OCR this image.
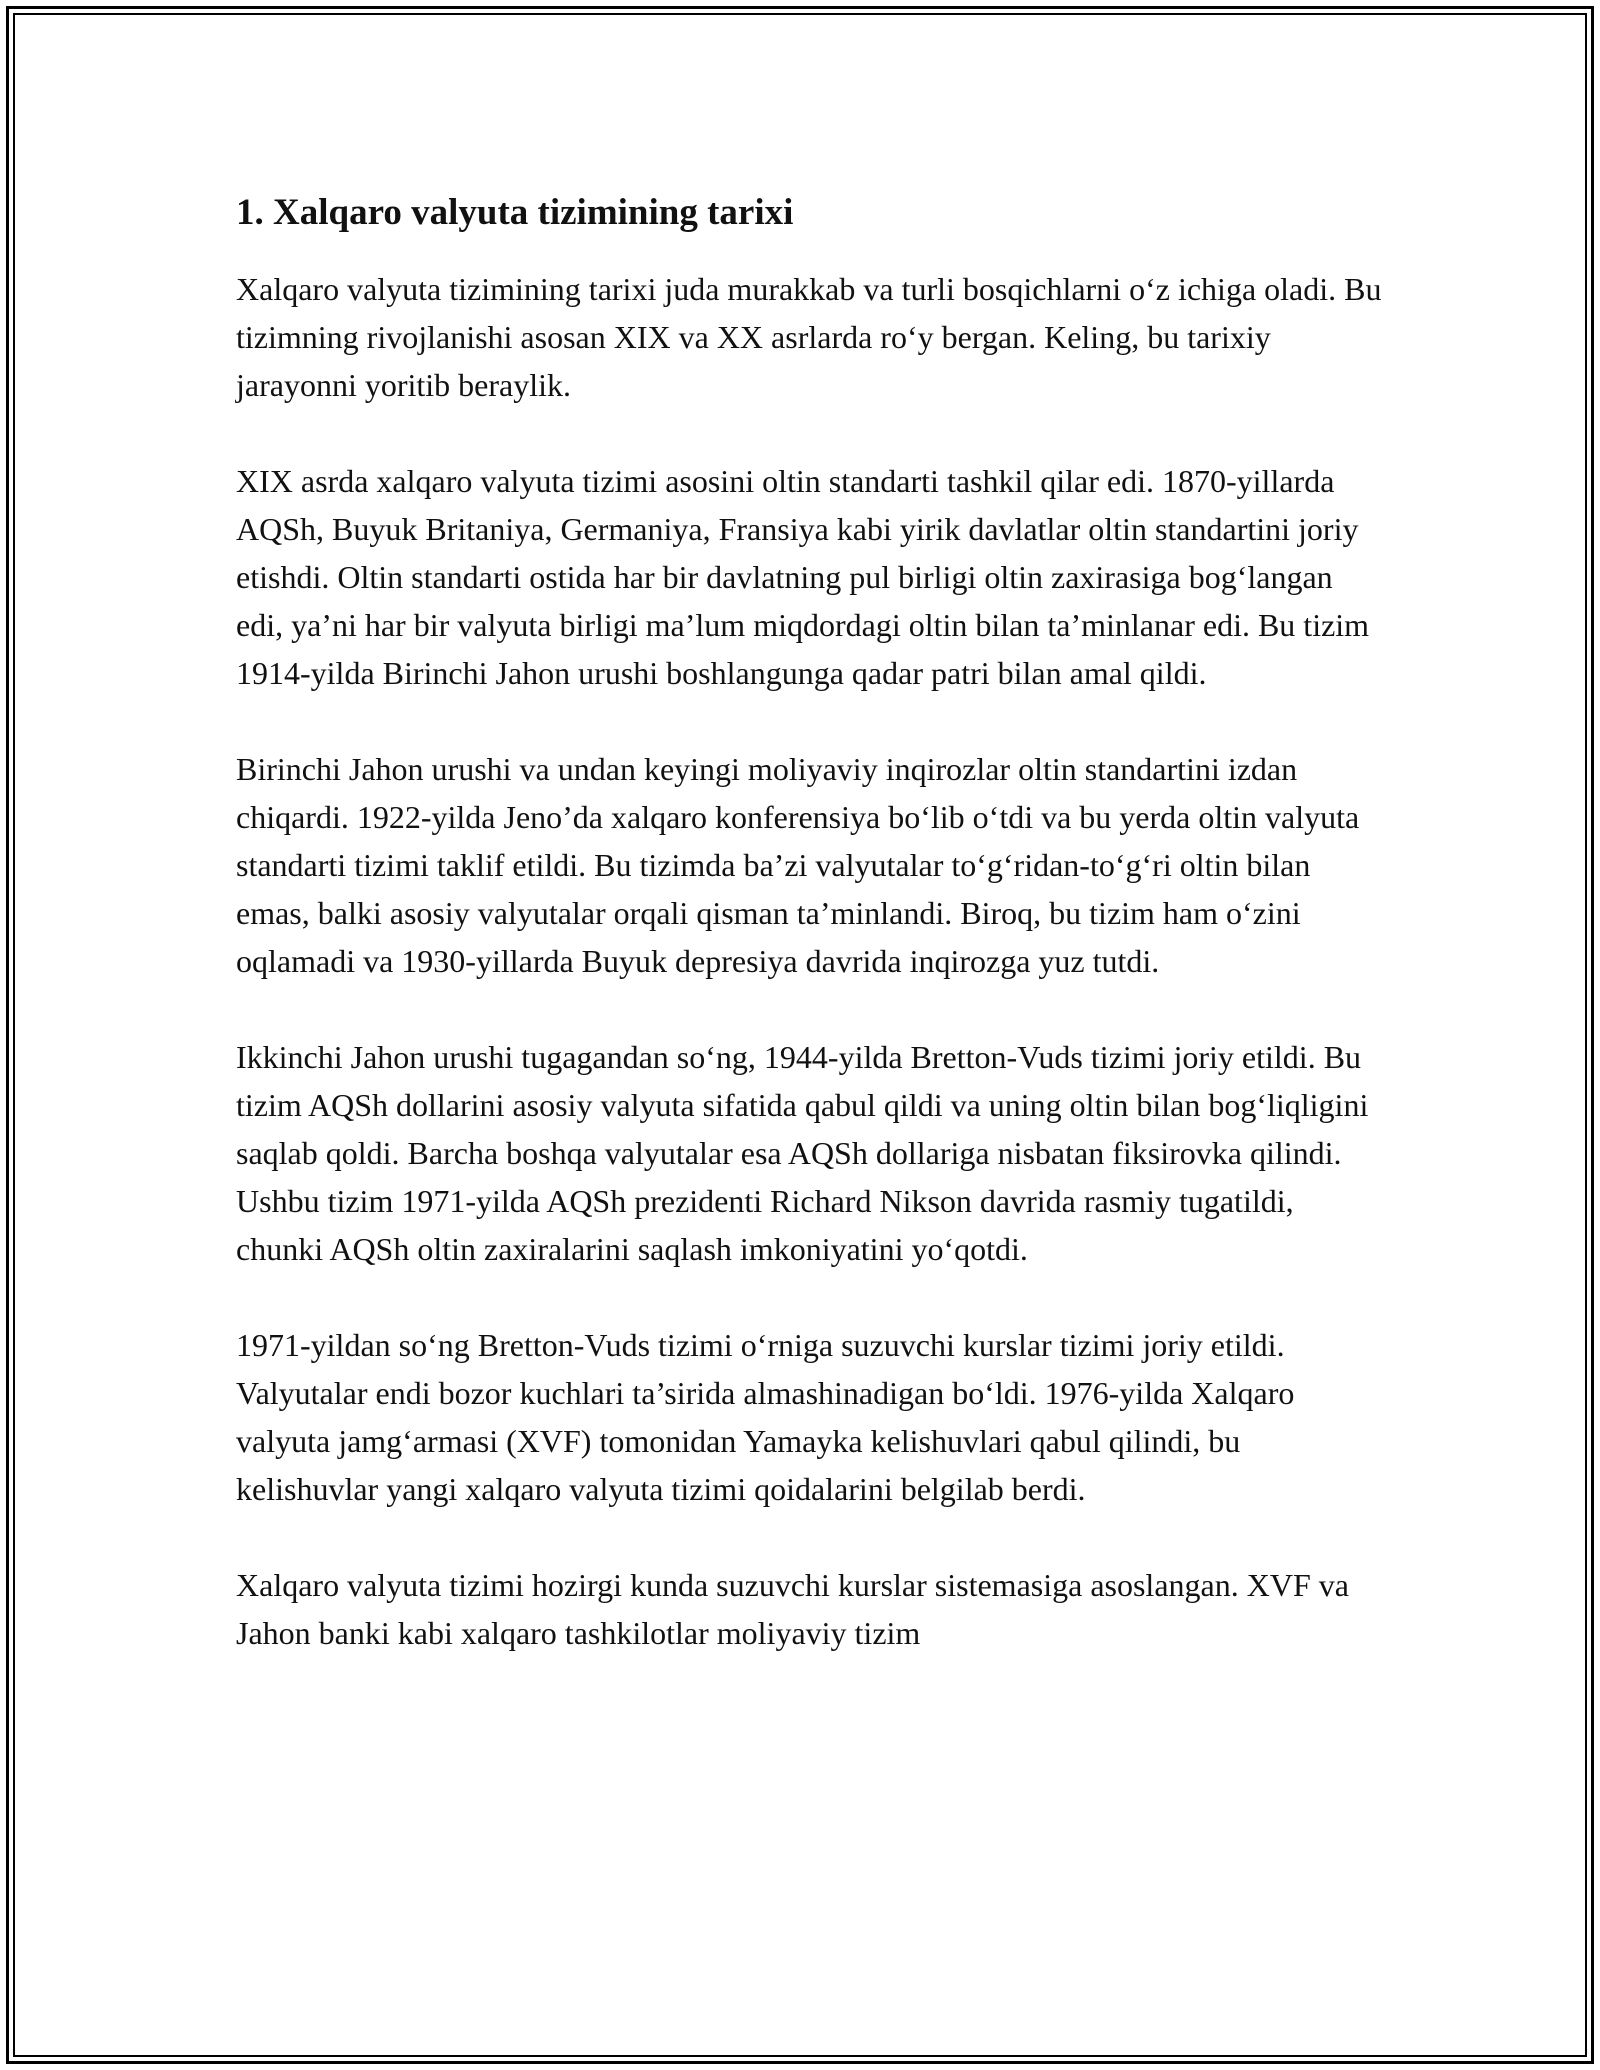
1. Xalqaro valyuta tizimining tarixi

Xalqaro valyuta tizimining tarixi juda murakkab va turli bosqichlarni o‘z ichiga oladi. Bu tizimning rivojlanishi asosan XIX va XX asrlarda ro‘y bergan. Keling, bu tarixiy jarayonni yoritib beraylik.

XIX asrda xalqaro valyuta tizimi asosini oltin standarti tashkil qilar edi. 1870-yillarda AQSh, Buyuk Britaniya, Germaniya, Fransiya kabi yirik davlatlar oltin standartini joriy etishdi. Oltin standarti ostida har bir davlatning pul birligi oltin zaxirasiga bog‘langan edi, ya’ni har bir valyuta birligi ma’lum miqdordagi oltin bilan ta’minlanar edi. Bu tizim 1914-yilda Birinchi Jahon urushi boshlangunga qadar patri bilan amal qildi.

Birinchi Jahon urushi va undan keyingi moliyaviy inqirozlar oltin standartini izdan chiqardi. 1922-yilda Jeno’da xalqaro konferensiya bo‘lib o‘tdi va bu yerda oltin valyuta standarti tizimi taklif etildi. Bu tizimda ba’zi valyutalar to‘g‘ridan-to‘g‘ri oltin bilan emas, balki asosiy valyutalar orqali qisman ta’minlandi. Biroq, bu tizim ham o‘zini oqlamadi va 1930-yillarda Buyuk depresiya davrida inqirozga yuz tutdi.

Ikkinchi Jahon urushi tugagandan so‘ng, 1944-yilda Bretton-Vuds tizimi joriy etildi. Bu tizim AQSh dollarini asosiy valyuta sifatida qabul qildi va uning oltin bilan bog‘liqligini saqlab qoldi. Barcha boshqa valyutalar esa AQSh dollariga nisbatan fiksirovka qilindi. Ushbu tizim 1971-yilda AQSh prezidenti Richard Nikson davrida rasmiy tugatildi, chunki AQSh oltin zaxiralarini saqlash imkoniyatini yo‘qotdi.

1971-yildan so‘ng Bretton-Vuds tizimi o‘rniga suzuvchi kurslar tizimi joriy etildi. Valyutalar endi bozor kuchlari ta’sirida almashinadigan bo‘ldi. 1976-yilda Xalqaro valyuta jamg‘armasi (XVF) tomonidan Yamayka kelishuvlari qabul qilindi, bu kelishuvlar yangi xalqaro valyuta tizimi qoidalarini belgilab berdi.

Xalqaro valyuta tizimi hozirgi kunda suzuvchi kurslar sistemasiga asoslangan. XVF va Jahon banki kabi xalqaro tashkilotlar moliyaviy tizim
